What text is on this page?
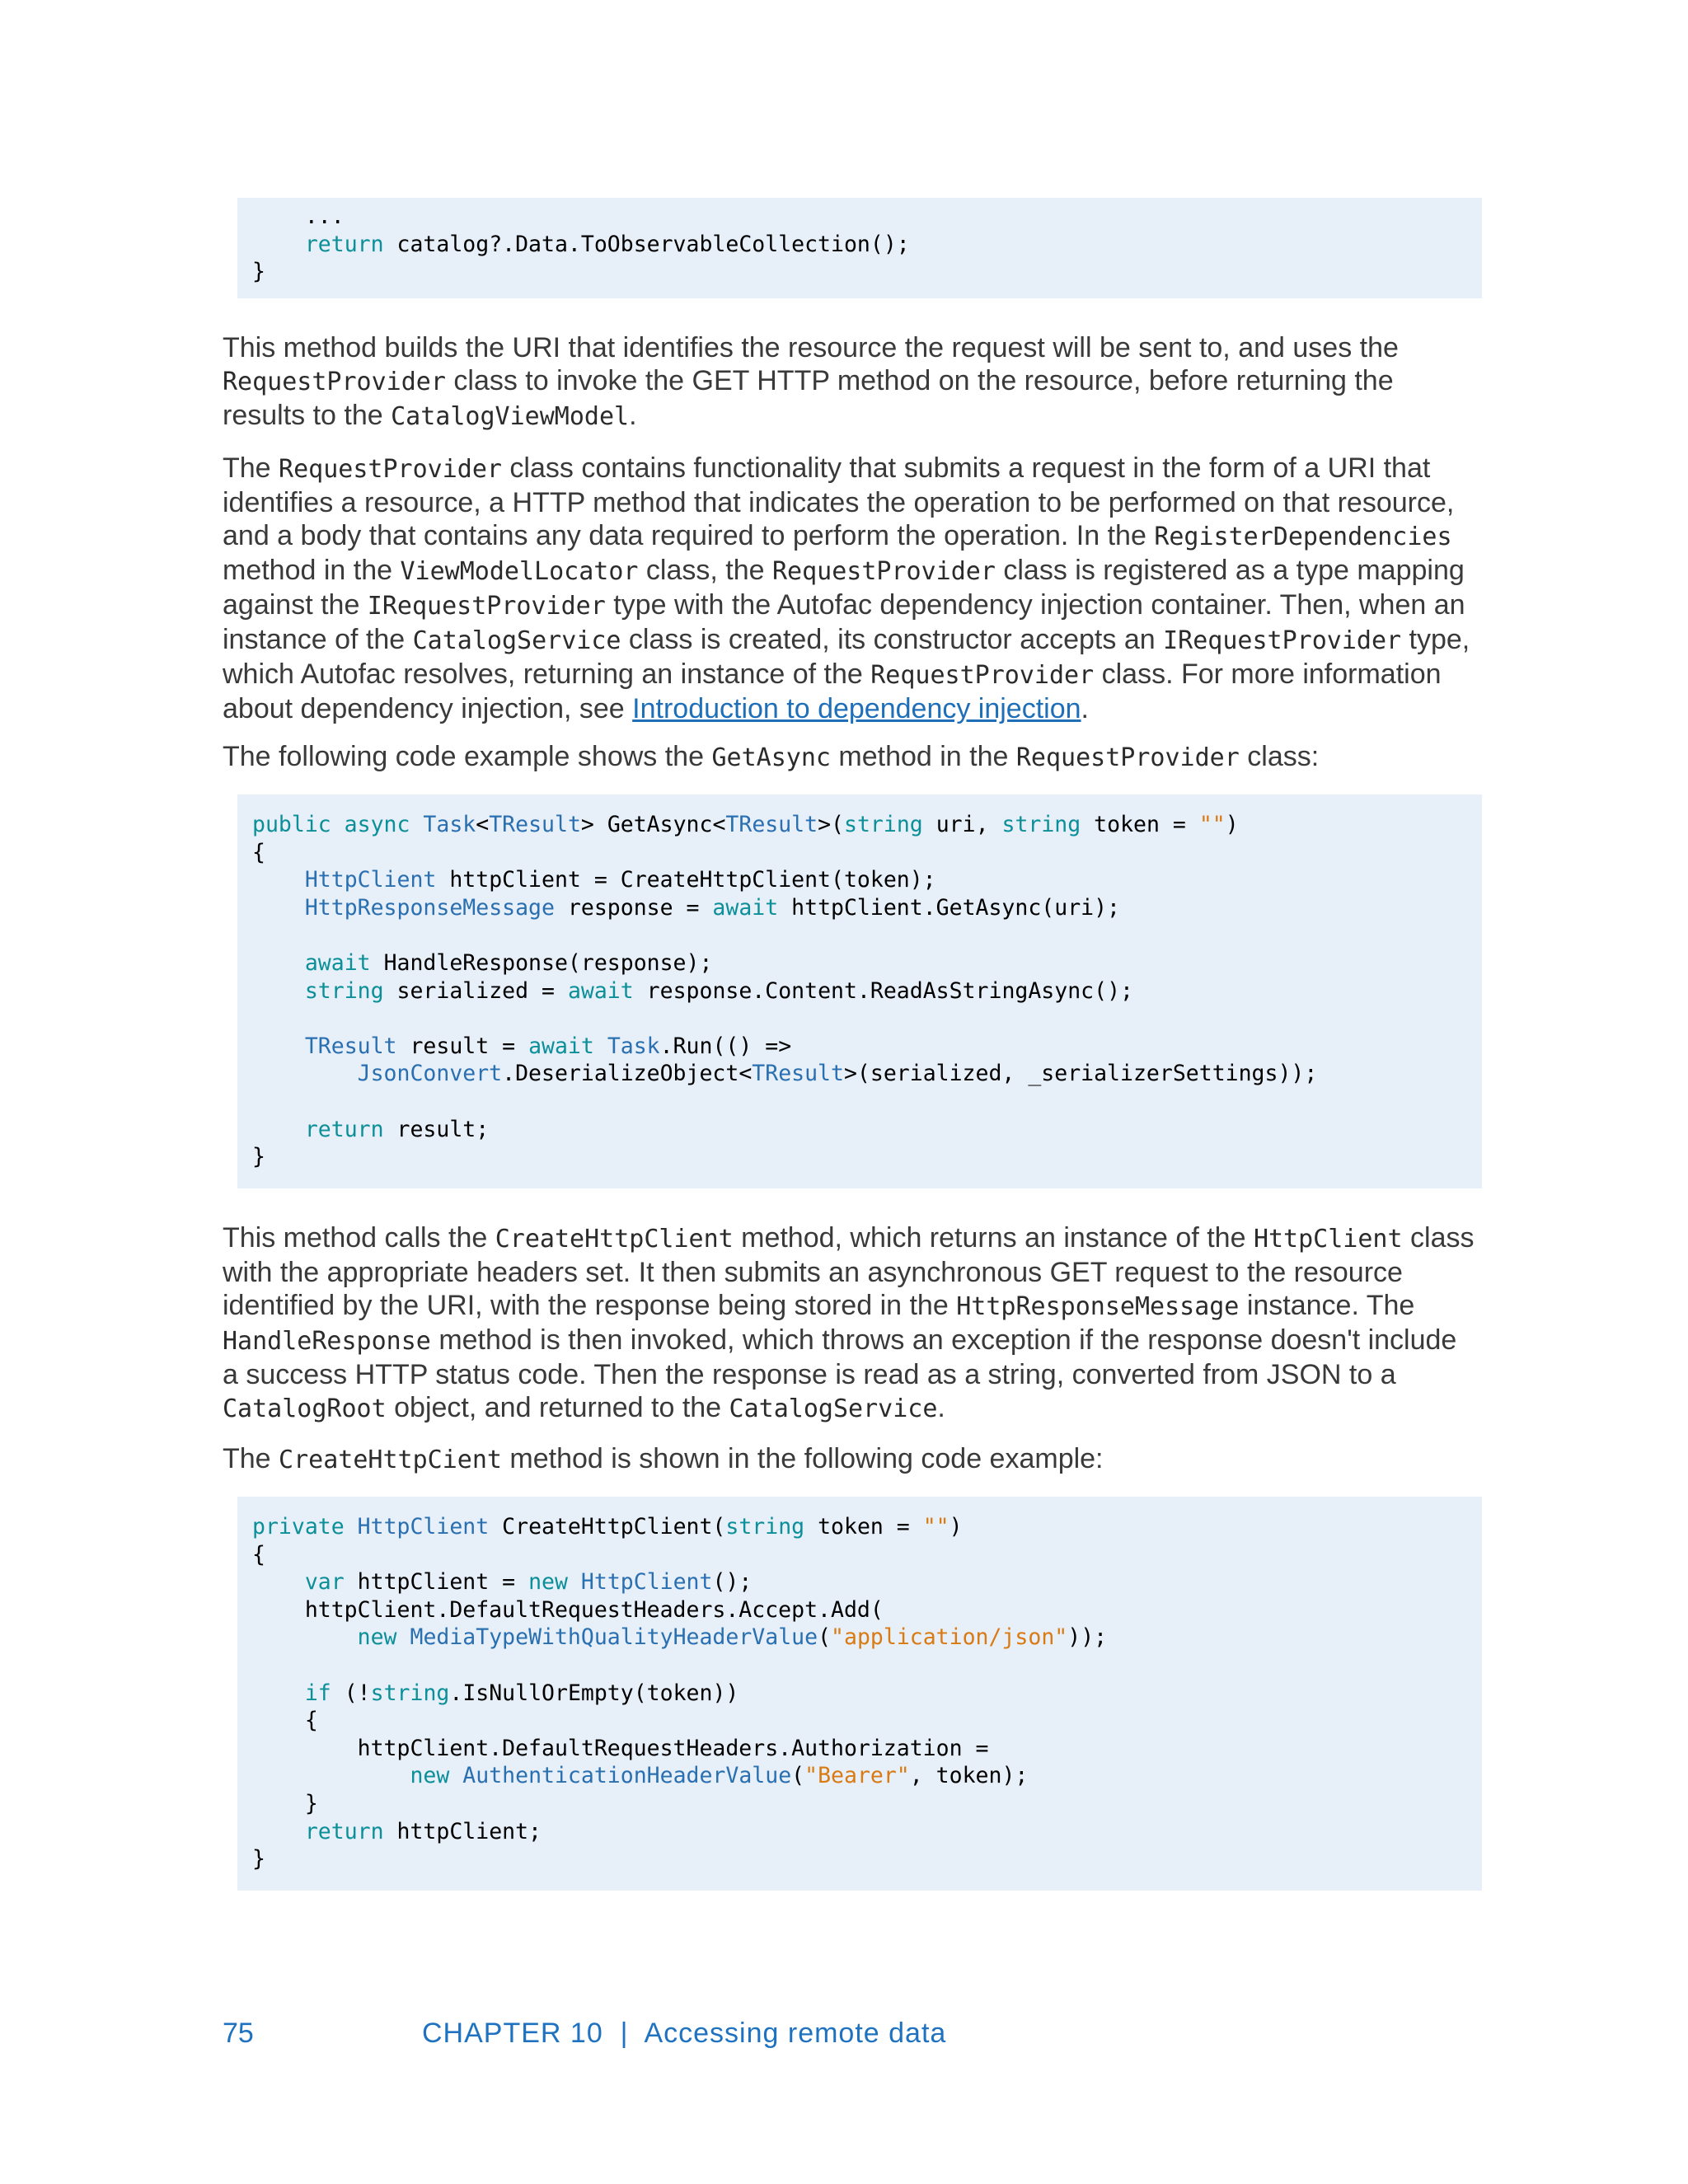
...
return catalog?.Data.ToObservableCollection();
}

This method builds the URI that identifies the resource the request will be sent to, and uses the RequestProvider class to invoke the GET HTTP method on the resource, before returning the results to the CatalogViewModel.

The RequestProvider class contains functionality that submits a request in the form of a URI that identifies a resource, a HTTP method that indicates the operation to be performed on that resource, and a body that contains any data required to perform the operation. In the RegisterDependencies method in the ViewModelLocator class, the RequestProvider class is registered as a type mapping against the IRequestProvider type with the Autofac dependency injection container. Then, when an instance of the CatalogService class is created, its constructor accepts an IRequestProvider type, which Autofac resolves, returning an instance of the RequestProvider class. For more information about dependency injection, see Introduction to dependency injection.

The following code example shows the GetAsync method in the RequestProvider class:

public async Task<TResult> GetAsync<TResult>(string uri, string token = "")
{
HttpClient httpClient = CreateHttpClient(token);
HttpResponseMessage response = await httpClient.GetAsync(uri);
await HandleResponse(response);
string serialized = await response.Content.ReadAsStringAsync();
TResult result = await Task.Run(() =>
JsonConvert.DeserializeObject<TResult>(serialized, _serializerSettings));
return result;
}

This method calls the CreateHttpClient method, which returns an instance of the HttpClient class with the appropriate headers set. It then submits an asynchronous GET request to the resource identified by the URI, with the response being stored in the HttpResponseMessage instance. The HandleResponse method is then invoked, which throws an exception if the response doesn't include a success HTTP status code. Then the response is read as a string, converted from JSON to a CatalogRoot object, and returned to the CatalogService.

The CreateHttpCient method is shown in the following code example:

private HttpClient CreateHttpClient(string token = "")
{
var httpClient = new HttpClient();
httpClient.DefaultRequestHeaders.Accept.Add(
new MediaTypeWithQualityHeaderValue("application/json"));
if (!string.IsNullOrEmpty(token))
{
httpClient.DefaultRequestHeaders.Authorization =
new AuthenticationHeaderValue("Bearer", token);
}
return httpClient;
}
75	CHAPTER 10  |  Accessing remote data
